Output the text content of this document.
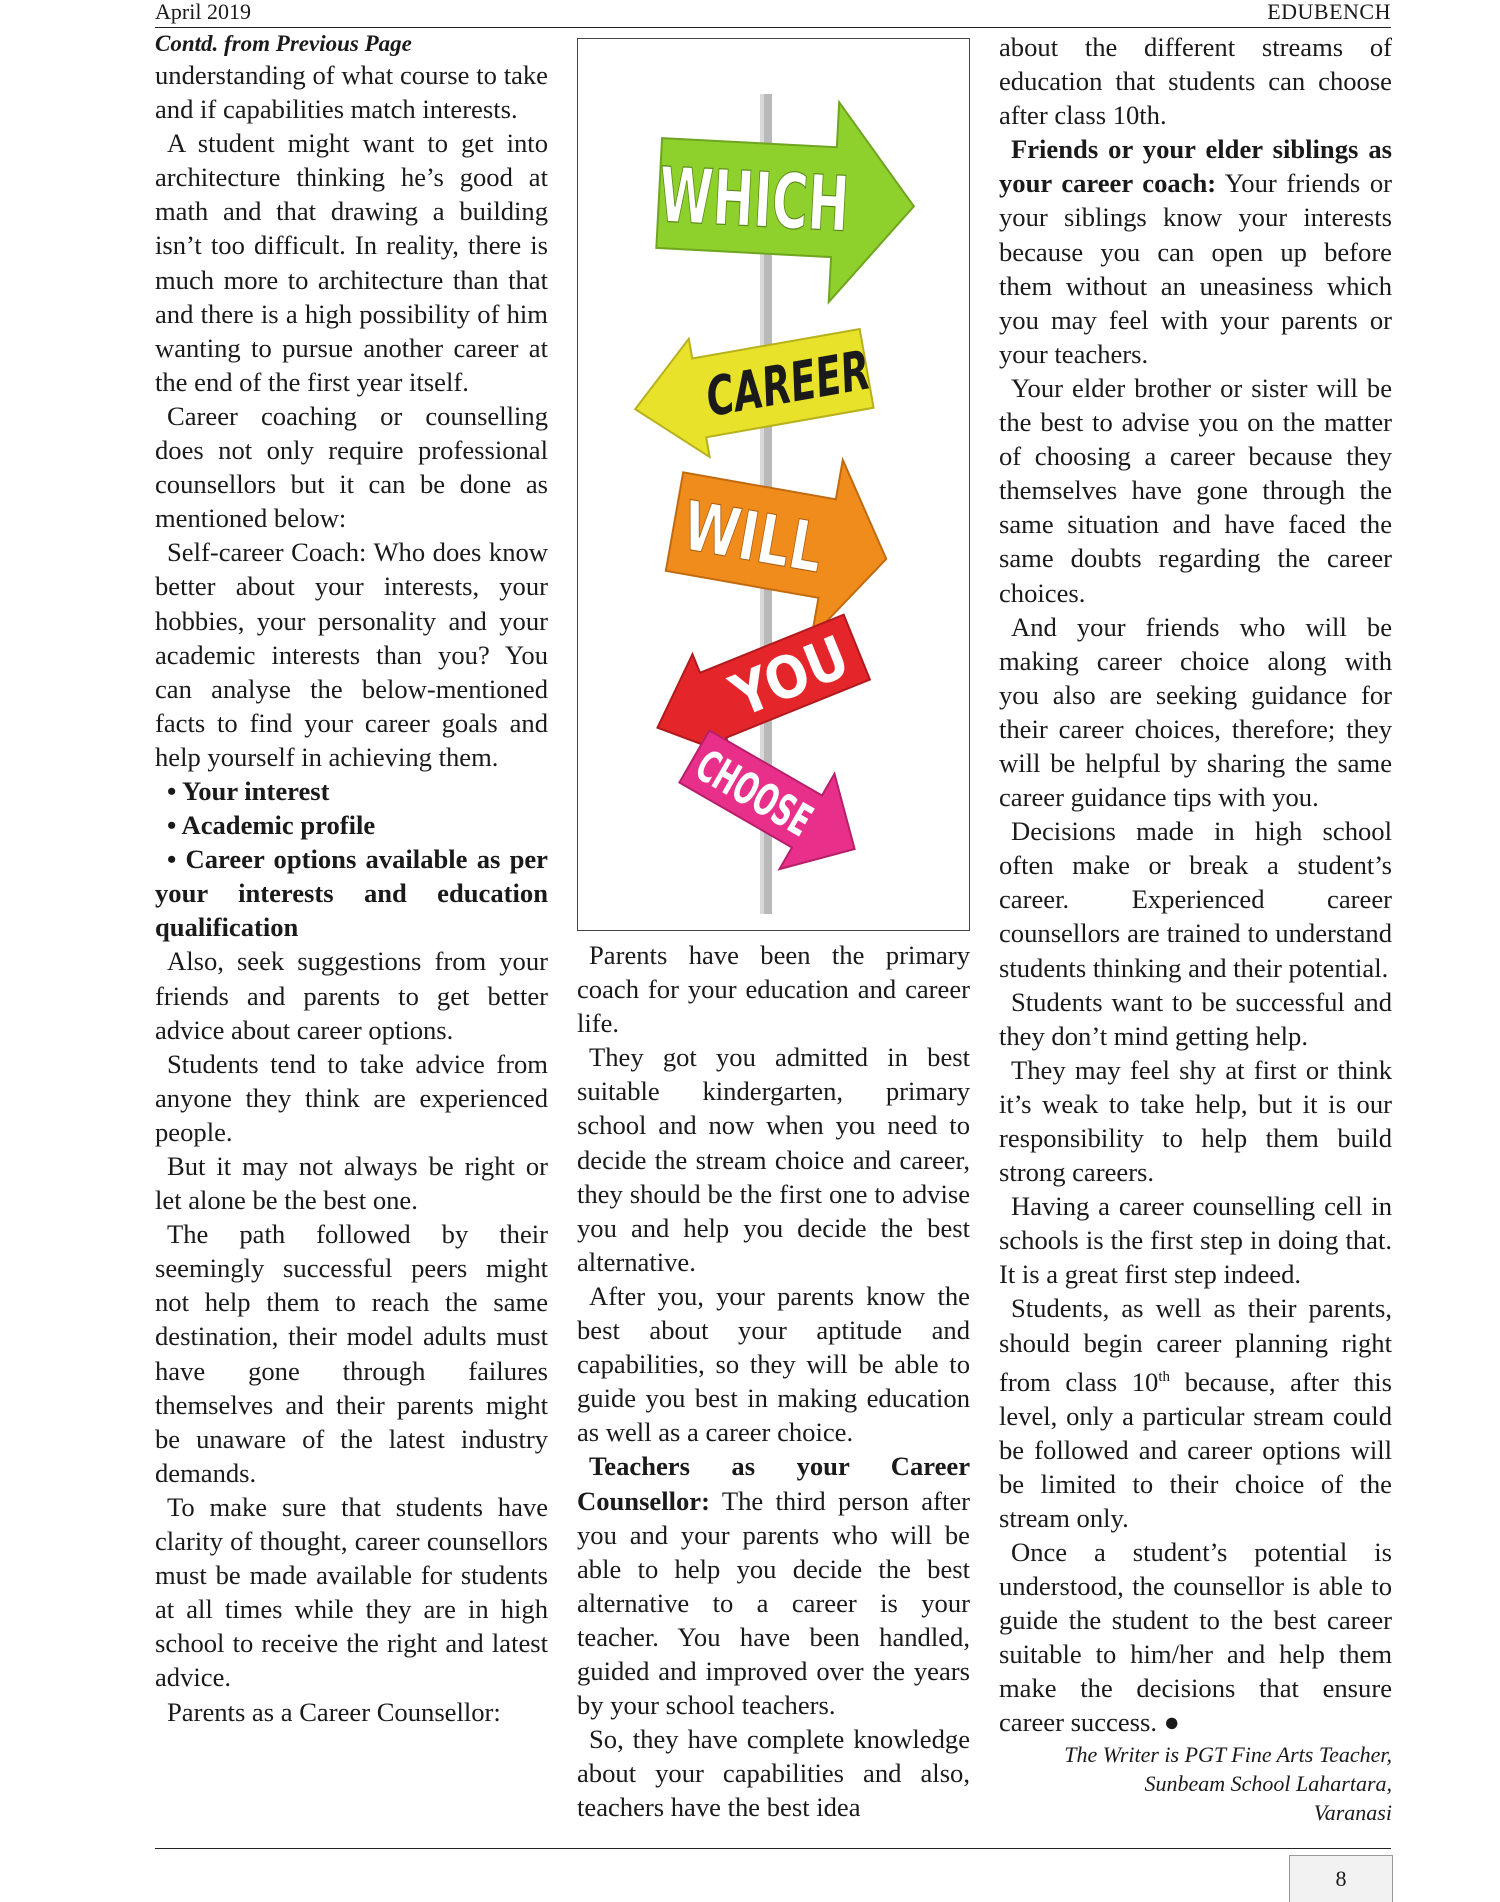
April 2019	EDUBENCH

Contd. from Previous Page

understanding of what course to take and if capabilities match interests.

A student might want to get into architecture thinking he’s good at math and that drawing a building isn’t too difficult. In reality, there is much more to architecture than that and there is a high possibility of him wanting to pursue another career at the end of the first year itself.

Career coaching or counselling does not only require professional counsellors but it can be done as mentioned below:

Self-career Coach: Who does know better about your interests, your hobbies, your personality and your academic interests than you? You can analyse the below-mentioned facts to find your career goals and help yourself in achieving them.

• Your interest

• Academic profile

• Career options available as per your interests and education qualification

Also, seek suggestions from your friends and parents to get better advice about career options.

Students tend to take advice from anyone they think are experienced people.

But it may not always be right or let alone be the best one.

The path followed by their seemingly successful peers might not help them to reach the same destination, their model adults must have gone through failures themselves and their parents might be unaware of the latest industry demands.

To make sure that students have clarity of thought, career counsellors must be made available for students at all times while they are in high school to receive the right and latest advice.

Parents as a Career Counsellor:

WHICH
CAREER
WILL
YOU
CHOOSE

Parents have been the primary coach for your education and career life.

They got you admitted in best suitable kindergarten, primary school and now when you need to decide the stream choice and career, they should be the first one to advise you and help you decide the best alternative.

After you, your parents know the best about your aptitude and capabilities, so they will be able to guide you best in making education as well as a career choice.

Teachers as your Career Counsellor: The third person after you and your parents who will be able to help you decide the best alternative to a career is your teacher. You have been handled, guided and improved over the years by your school teachers.

So, they have complete knowledge about your capabilities and also, teachers have the best idea

about the different streams of education that students can choose after class 10th.

Friends or your elder siblings as your career coach: Your friends or your siblings know your interests because you can open up before them without an uneasiness which you may feel with your parents or your teachers.

Your elder brother or sister will be the best to advise you on the matter of choosing a career because they themselves have gone through the same situation and have faced the same doubts regarding the career choices.

And your friends who will be making career choice along with you also are seeking guidance for their career choices, therefore; they will be helpful by sharing the same career guidance tips with you.

Decisions made in high school often make or break a student’s career. Experienced career counsellors are trained to understand students thinking and their potential.

Students want to be successful and they don’t mind getting help.

They may feel shy at first or think it’s weak to take help, but it is our responsibility to help them build strong careers.

Having a career counselling cell in schools is the first step in doing that. It is a great first step indeed.

Students, as well as their parents, should begin career planning right from class 10th because, after this level, only a particular stream could be followed and career options will be limited to their choice of the stream only.

Once a student’s potential is understood, the counsellor is able to guide the student to the best career suitable to him/her and help them make the decisions that ensure career success. ●

The Writer is PGT Fine Arts Teacher,

Sunbeam School Lahartara,

Varanasi

8
